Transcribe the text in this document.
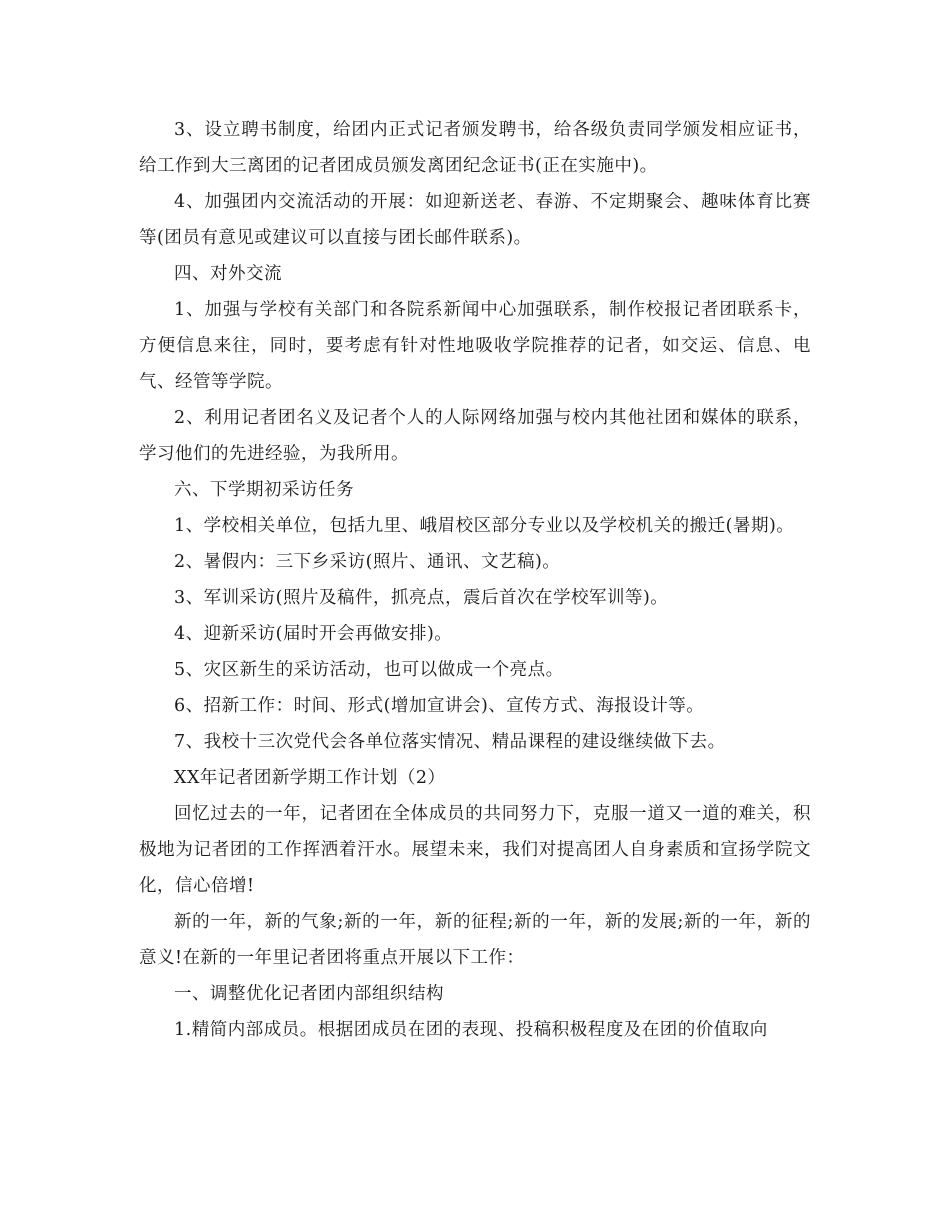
3、设立聘书制度，给团内正式记者颁发聘书，给各级负责同学颁发相应证书，给工作到大三离团的记者团成员颁发离团纪念证书(正在实施中)。

4、加强团内交流活动的开展：如迎新送老、春游、不定期聚会、趣味体育比赛等(团员有意见或建议可以直接与团长邮件联系)。

四、对外交流

1、加强与学校有关部门和各院系新闻中心加强联系，制作校报记者团联系卡，方便信息来往，同时，要考虑有针对性地吸收学院推荐的记者，如交运、信息、电气、经管等学院。

2、利用记者团名义及记者个人的人际网络加强与校内其他社团和媒体的联系，学习他们的先进经验，为我所用。

六、下学期初采访任务

1、学校相关单位，包括九里、峨眉校区部分专业以及学校机关的搬迁(暑期)。

2、暑假内：三下乡采访(照片、通讯、文艺稿)。

3、军训采访(照片及稿件，抓亮点，震后首次在学校军训等)。

4、迎新采访(届时开会再做安排)。

5、灾区新生的采访活动，也可以做成一个亮点。

6、招新工作：时间、形式(增加宣讲会)、宣传方式、海报设计等。

7、我校十三次党代会各单位落实情况、精品课程的建设继续做下去。

XX年记者团新学期工作计划（2）

回忆过去的一年，记者团在全体成员的共同努力下，克服一道又一道的难关，积极地为记者团的工作挥洒着汗水。展望未来，我们对提高团人自身素质和宣扬学院文化，信心倍增!

新的一年，新的气象;新的一年，新的征程;新的一年，新的发展;新的一年，新的意义!在新的一年里记者团将重点开展以下工作：

一、调整优化记者团内部组织结构

1.精简内部成员。根据团成员在团的表现、投稿积极程度及在团的价值取向
